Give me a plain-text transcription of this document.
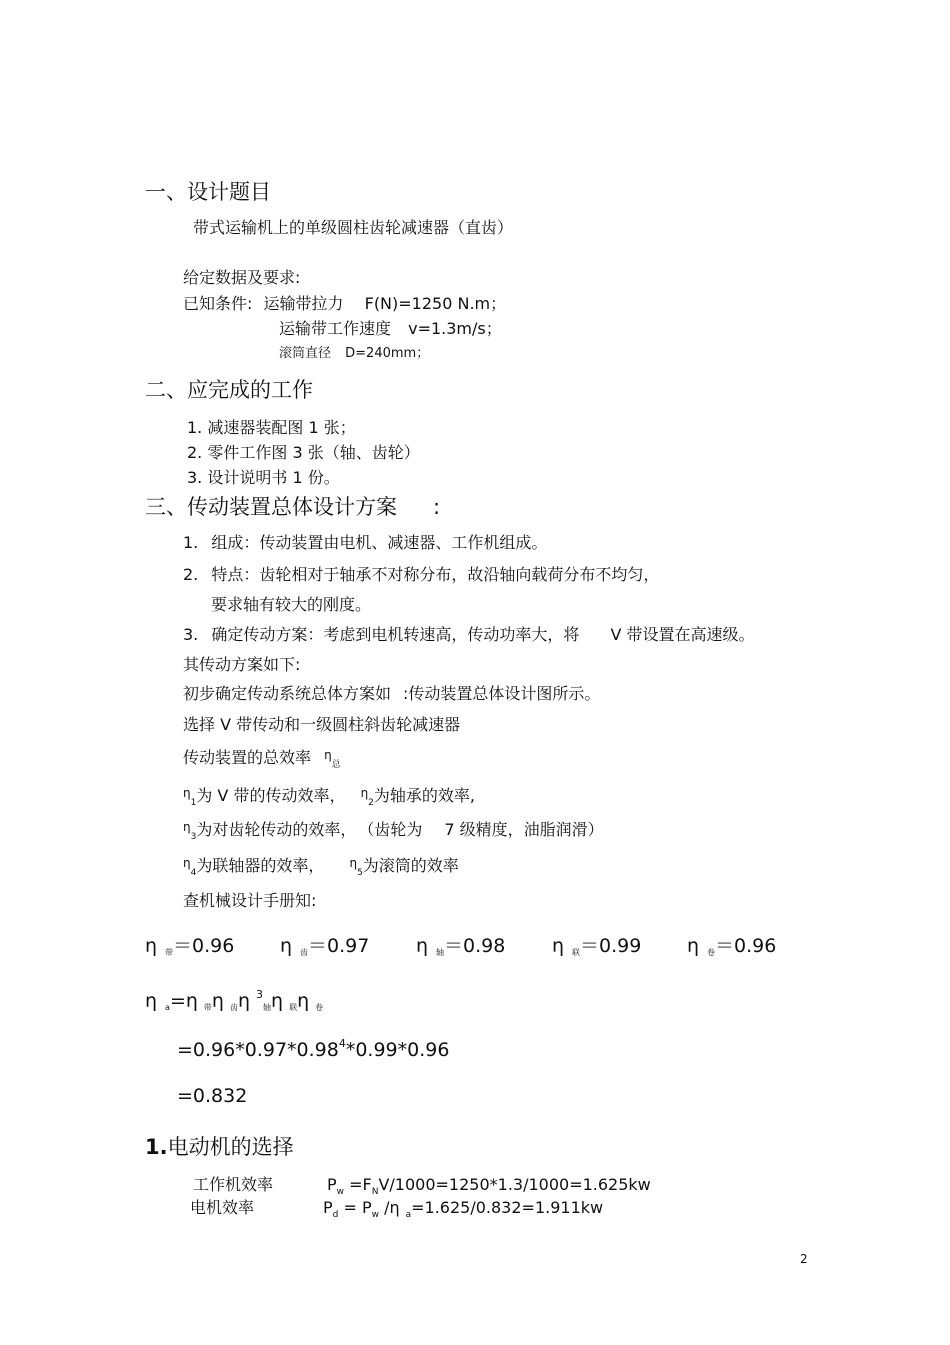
一、设计题目
带式运输机上的单级圆柱齿轮减速器（直齿）
给定数据及要求:
已知条件: 运输带拉力 F(N)=1250 N.m；
运输带工作速度 v=1.3m/s；
滚筒直径 D=240mm；
二、应完成的工作
1. 减速器装配图 1 张；
2. 零件工作图 3 张（轴、齿轮）
3. 设计说明书 1 份。
三、传动装置总体设计方案 :
1. 组成：传动装置由电机、减速器、工作机组成。
2. 特点：齿轮相对于轴承不对称分布，故沿轴向载荷分布不均匀，
要求轴有较大的刚度。
3. 确定传动方案：考虑到电机转速高，传动功率大，将 V 带设置在高速级。
其传动方案如下:
初步确定传动系统总体方案如 :传动装置总体设计图所示。
选择 V 带传动和一级圆柱斜齿轮减速器
传动装置的总效率 $^\eta_总$
$^\eta_1$为 V 带的传动效率， $^\eta_2$为轴承的效率,
$^\eta_3$为对齿轮传动的效率， （齿轮为 7 级精度，油脂润滑）
$^\eta_4$为联轴器的效率， $^\eta_5$为滚筒的效率
查机械设计手册知:
η $_带$＝0.96 η $_齿$＝0.97 η $_轴$＝0.98 η $_联$＝0.99 η $_卷$＝0.96
η $_a$=η $_带$η $_齿$η $^3_轴$η $_联$η $_卷$
$=0.96*0.97*0.98^4*0.99*0.96$
=0.832
1.电动机的选择
工作机效率	$P_w =F_NV/1000=1250*1.3/1000=1.625kw$
电机效率	$P_d = P_w$ /η $_a$=1.625/0.832=1.911kw
2
